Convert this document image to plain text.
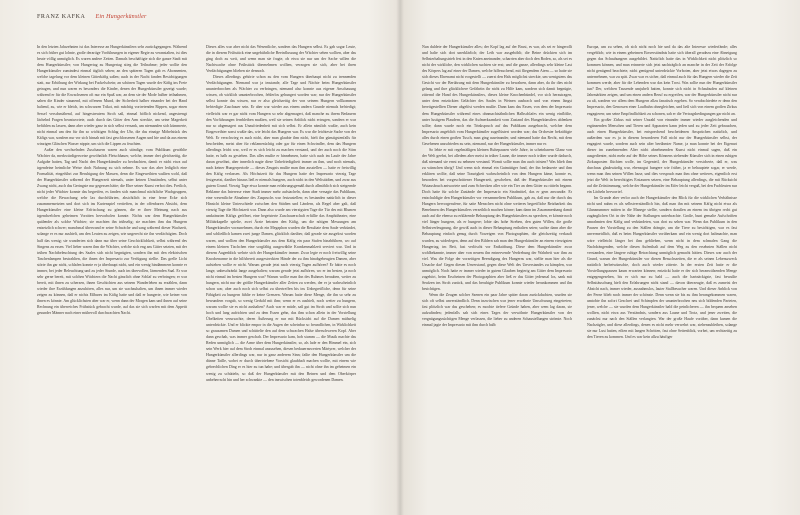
FRANZ KAFKA Ein Hungerkünstler

In den letzten Jahrzehnten ist das Interesse an Hungerkünstlern sehr zurückgegangen. Während es sich früher gut lohnte, große derartige Vorführungen in eigener Regie zu veranstalten, ist dies heute völlig unmöglich. Es waren andere Zeiten. Damals beschäftigte sich die ganze Stadt mit dem Hungerkünstler; von Hungertag zu Hungertag stieg die Teilnahme; jeder wollte den Hungerkünstler zumindest einmal täglich sehen; an den späteren Tagen gab es Abonnenten, welche tagelang vor dem kleinen Gitterkäfig saßen; auch in der Nacht fanden Besichtigungen statt, zur Erhöhung der Wirkung bei Fackelschein; an schönen Tagen wurde der Käfig ins Freie getragen, und nun waren es besonders die Kinder, denen der Hungerkünstler gezeigt wurde; während er für die Erwachsenen oft nur ein Spaß war, an dem sie der Mode halber teilnahmen, sahen die Kinder staunend, mit offenem Mund, der Sicherheit halber einander bei der Hand haltend, zu, wie er bleich, im schwarzen Trikot, mit mächtig vortretenden Rippen, sogar einen Sessel verschmähend, auf hingestreutem Stroh saß, einmal höflich nickend, angestrengt lächelnd Fragen beantwortete, auch durch das Gitter den Arm streckte, um seine Magerkeit befühlen zu lassen, dann aber wieder ganz in sich selbst versank, um niemanden sich kümmerte, nicht einmal um den für ihn so wichtigen Schlag der Uhr, die das einzige Möbelstück des Käfigs war, sondern nur vor sich hinsah mit fast geschlossenen Augen und hie und da aus einem winzigen Gläschen Wasser nippte, um sich die Lippen zu feuchten.

Außer den wechselnden Zuschauern waren auch ständige, vom Publikum gewählte Wächter da, merkwürdigerweise gewöhnlich Fleischhauer, welche, immer drei gleichzeitig, die Aufgabe hatten, Tag und Nacht den Hungerkünstler zu beobachten, damit er nicht etwa auf irgendeine heimliche Weise doch Nahrung zu sich nehme. Es war das aber lediglich eine Formalität, eingeführt zur Beruhigung der Massen, denn die Eingeweihten wußten wohl, daß der Hungerkünstler während der Hungerzeit niemals, unter keinen Umständen, selbst unter Zwang nicht, auch das Geringste nur gegessen hätte; die Ehre seiner Kunst verbot dies. Freilich, nicht jeder Wächter konnte das begreifen, es fanden sich manchmal nächtliche Wachgruppen, welche die Bewachung sehr lax durchführten, absichtlich in eine ferne Ecke sich zusammensetzten und dort sich ins Kartenspiel vertieften, in der offenbaren Absicht, dem Hungerkünstler eine kleine Erfrischung zu gönnen, die er ihrer Meinung nach aus irgendwelchen geheimen Vorräten hervorholen konnte. Nichts war dem Hungerkünstler quälender als solche Wächter; sie machten ihn trübselig; sie machten ihm das Hungern entsetzlich schwer; manchmal überwand er seine Schwäche und sang während dieser Wachzeit, solange er es nur aushielt, um den Leuten zu zeigen, wie ungerecht sie ihn verdächtigten. Doch half das wenig; sie wunderten sich dann nur über seine Geschicklichkeit, selbst während des Singens zu essen. Viel lieber waren ihm die Wächter, welche sich eng ans Gitter setzten, mit der trüben Nachtbeleuchtung des Saales sich nicht begnügten, sondern ihn mit den elektrischen Taschenlampen bestrahlten, die ihnen der Impresario zur Verfügung stellte. Das grelle Licht störte ihn gar nicht, schlafen konnte er ja überhaupt nicht, und ein wenig hindämmern konnte er immer, bei jeder Beleuchtung und zu jeder Stunde, auch im übervollen, lärmenden Saal. Er war sehr gerne bereit, mit solchen Wächtern die Nacht gänzlich ohne Schlaf zu verbringen; er war bereit, mit ihnen zu scherzen, ihnen Geschichten aus seinem Wanderleben zu erzählen, dann wieder ihre Erzählungen anzuhören, alles nur, um sie wachzuhalten, um ihnen immer wieder zeigen zu können, daß er nichts Eßbares im Käfig hatte und daß er hungerte, wie keiner von ihnen es könnte. Am glücklichsten aber war er, wenn dann der Morgen kam und ihnen auf seine Rechnung ein überreiches Frühstück gebracht wurde, auf das sie sich warfen mit dem Appetit gesunder Männer nach einer mühevoll durchwachten Nacht.

Dieses alles war aber nicht das Wesentliche, sondern das Hungern selbst. Es gab sogar Leute, die in diesem Frühstück eine ungebührliche Beeinflussung der Wächter sehen wollten, aber das ging doch zu weit, und wenn man sie fragte, ob etwa sie nur um der Sache willen die Nachtwache ohne Frühstück übernehmen wollten, verzogen sie sich, aber bei ihren Verdächtigungen blieben sie dennoch.

Dieses allerdings gehörte schon zu den vom Hungern überhaupt nicht zu trennenden Verdächtigungen. Niemand war ja imstande, alle Tage und Nächte beim Hungerkünstler ununterbrochen als Wächter zu verbringen, niemand also konnte aus eigener Anschauung wissen, ob wirklich ununterbrochen, fehlerlos gehungert worden war; nur der Hungerkünstler selbst konnte das wissen, nur er also gleichzeitig der von seinem Hungern vollkommen befriedigte Zuschauer sein. Er aber war wieder aus einem andern Grunde niemals befriedigt; vielleicht war er gar nicht vom Hungern so sehr abgemagert, daß manche zu ihrem Bedauern den Vorführungen fernbleiben mußten, weil sie seinen Anblick nicht ertrugen, sondern er war nur so abgemagert aus Unzufriedenheit mit sich selbst. Er allein nämlich wußte, auch kein Eingeweihter sonst wußte das, wie leicht das Hungern war. Es war die leichteste Sache von der Welt. Er verschwieg es auch nicht, aber man glaubte ihm nicht, hielt ihn günstigstenfalls für bescheiden, meist aber für reklamesüchtig oder gar für einen Schwindler, dem das Hungern allerdings leicht war, weil er es sich leicht zu machen verstand, und der auch noch die Stirn hatte, es halb zu gestehen. Das alles mußte er hinnehmen, hatte sich auch im Laufe der Jahre daran gewöhnt, aber innerlich nagte diese Unbefriedigtheit immer an ihm, und noch niemals, nach keiner Hungerperiode — dieses Zeugnis mußte man ihm ausstellen — hatte er freiwillig den Käfig verlassen. Als Höchstzeit für das Hungern hatte der Impresario vierzig Tage festgesetzt, darüber hinaus ließ er niemals hungern, auch nicht in den Weltstädten, und zwar aus gutem Grund. Vierzig Tage etwa konnte man erfahrungsgemäß durch allmählich sich steigernde Reklame das Interesse einer Stadt immer mehr aufstacheln, dann aber versagte das Publikum, eine wesentliche Abnahme des Zuspruchs war festzustellen; es bestanden natürlich in dieser Hinsicht kleine Unterschiede zwischen den Städten und Ländern, als Regel aber galt, daß vierzig Tage die Höchstzeit war. Dann also wurde am vierzigsten Tage die Tür des mit Blumen umkränzten Käfigs geöffnet, eine begeisterte Zuschauerschaft erfüllte das Amphitheater, eine Militärkapelle spielte, zwei Ärzte betraten den Käfig, um die nötigen Messungen am Hungerkünstler vorzunehmen, durch ein Megaphon wurden die Resultate dem Saale verkündet, und schließlich kamen zwei junge Damen, glücklich darüber, daß gerade sie ausgelost worden waren, und wollten den Hungerkünstler aus dem Käfig ein paar Stufen hinabführen, wo auf einem kleinen Tischchen eine sorgfältig ausgewählte Krankenmahlzeit serviert war. Und in diesem Augenblick wehrte sich der Hungerkünstler immer. Zwar legte er noch freiwillig seine Knochenarme in die hilfsbereit ausgestreckten Hände der zu ihm hinabgebeugten Damen, aber aufstehen wollte er nicht. Warum gerade jetzt nach vierzig Tagen aufhören? Er hätte es noch lange, unbeschränkt lange ausgehalten; warum gerade jetzt aufhören, wo er im besten, ja noch nicht einmal im besten Hungern war? Warum wollte man ihn des Ruhmes berauben, weiter zu hungern, nicht nur der größte Hungerkünstler aller Zeiten zu werden, der er ja wahrscheinlich schon war, aber auch noch sich selbst zu übertreffen bis ins Unbegreifliche, denn für seine Fähigkeit zu hungern fühlte er keine Grenzen. Warum hatte diese Menge, die ihn so sehr zu bewundern vorgab, so wenig Geduld mit ihm; wenn er es aushielt, noch weiter zu hungern, warum wollte sie es nicht aushalten? Auch war er müde, saß gut im Stroh und sollte sich nun hoch und lang aufrichten und zu dem Essen gehn, das ihm schon allein in der Vorstellung Übelkeiten verursachte, deren Äußerung er nur mit Rücksicht auf die Damen mühselig unterdrückte. Und er blickte empor in die Augen der scheinbar so freundlichen, in Wirklichkeit so grausamen Damen und schüttelte den auf dem schwachen Halse überschweren Kopf. Aber dann geschah, was immer geschah. Der Impresario kam, hob stumm — die Musik machte das Reden unmöglich — die Arme über dem Hungerkünstler, so, als lade er den Himmel ein, sich sein Werk hier auf dem Stroh einmal anzusehen, diesen bedauernswerten Märtyrer, welcher der Hungerkünstler allerdings war, nur in ganz anderem Sinn; faßte den Hungerkünstler um die dünne Taille, wobei er durch übertriebene Vorsicht glaubhaft machen wollte, mit einem wie gebrechlichen Ding er es hier zu tun habe; und übergab ihn — nicht ohne ihn im geheimen ein wenig zu schütteln, so daß der Hungerkünstler mit den Beinen und dem Oberkörper unbeherrscht hin und her schwankte — den inzwischen totenbleich gewordenen Damen.

Nun duldete der Hungerkünstler alles; der Kopf lag auf der Brust, es war, als sei er hingerollt und halte sich dort unerklärlich; der Leib war ausgehöhlt; die Beine drückten sich im Selbsterhaltungstrieb fest in den Knien aneinander, scharrten aber doch den Boden, so, als sei es nicht der wirkliche, den wirklichen suchten sie erst; und die ganze, allerdings sehr kleine Last des Körpers lag auf einer der Damen, welche hilfesuchend, mit fliegendem Atem — so hatte sie sich dieses Ehrenamt nicht vorgestellt — zuerst den Hals möglichst streckte, um wenigstens das Gesicht vor der Berührung mit dem Hungerkünstler zu bewahren, dann aber, da ihr dies nicht gelang und ihre glücklichere Gefährtin ihr nicht zu Hilfe kam, sondern sich damit begnügte, zitternd die Hand des Hungerkünstlers, dieses kleine Knochenbündel, vor sich herzutragen, unter dem entzückten Gelächter des Saales in Weinen ausbrach und von einem längst bereitgestellten Diener abgelöst werden mußte. Dann kam das Essen, von dem der Impresario dem Hungerkünstler während eines ohnmachtsähnlichen Halbschlafes ein wenig einflößte, unter lustigem Plaudern, das die Aufmerksamkeit vom Zustand des Hungerkünstlers ablenken sollte; dann wurde noch ein Trinkspruch auf das Publikum ausgebracht, welcher dem Impresario angeblich vom Hungerkünstler zugeflüstert worden war; das Orchester bekräftigte alles durch einen großen Tusch, man ging auseinander, und niemand hatte das Recht, mit dem Gesehenen unzufrieden zu sein, niemand, nur der Hungerkünstler, immer nur er.

So lebte er mit regelmäßigen kleinen Ruhepausen viele Jahre, in scheinbarem Glanz von der Welt geehrt, bei alledem aber meist in trüber Laune, die immer noch trüber wurde dadurch, daß niemand sie ernst zu nehmen verstand. Womit sollte man ihn auch trösten? Was blieb ihm zu wünschen übrig? Und wenn sich einmal ein Gutmütiger fand, der ihn bedauerte und ihm erklären wollte, daß seine Traurigkeit wahrscheinlich von dem Hungern käme, konnte es, besonders bei vorgeschrittener Hungerzeit, geschehen, daß der Hungerkünstler mit einem Wutausbruch antwortete und zum Schrecken aller wie ein Tier an dem Gitter zu rütteln begann. Doch hatte für solche Zustände der Impresario ein Strafmittel, das er gern anwandte. Er entschuldigte den Hungerkünstler vor versammeltem Publikum, gab zu, daß nur die durch das Hungern hervorgerufene, für satte Menschen nicht ohne weiteres begreifliche Reizbarkeit das Benehmen des Hungerkünstlers verzeihlich machen könne; kam dann im Zusammenhang damit auch auf die ebenso zu erklärende Behauptung des Hungerkünstlers zu sprechen, er könnte noch viel länger hungern, als er hungere; lobte das hohe Streben, den guten Willen, die große Selbstverleugnung, die gewiß auch in dieser Behauptung enthalten seien; suchte dann aber die Behauptung einfach genug durch Vorzeigen von Photographien, die gleichzeitig verkauft wurden, zu widerlegen, denn auf den Bildern sah man den Hungerkünstler an einem vierzigsten Hungertag, im Bett, fast verlöscht vor Entkräftung. Diese dem Hungerkünstler zwar wohlbekannte, immer aber von neuem ihn entnervende Verdrehung der Wahrheit war ihm zu viel. Was die Folge der vorzeitigen Beendigung des Hungerns war, stellte man hier als die Ursache dar! Gegen diesen Unverstand, gegen diese Welt des Unverstandes zu kämpfen, war unmöglich. Noch hatte er immer wieder in gutem Glauben begierig am Gitter dem Impresario zugehört, beim Erscheinen der Photographien aber ließ er das Gitter jedesmal los, sank mit Seufzen ins Stroh zurück, und das beruhigte Publikum konnte wieder herankommen und ihn besichtigen.

Wenn die Zeugen solcher Szenen ein paar Jahre später daran zurückdachten, wurden sie sich oft selbst unverständlich. Denn inzwischen war jener erwähnte Umschwung eingetreten; fast plötzlich war das geschehen; es mochte tiefere Gründe haben, aber wem lag daran, sie aufzufinden; jedenfalls sah sich eines Tages der verwöhnte Hungerkünstler von der vergnügungssüchtigen Menge verlassen, die lieber zu anderen Schaustellungen strömte. Noch einmal jagte der Impresario mit ihm durch halb

Europa, um zu sehen, ob sich nicht noch hie und da das alte Interesse wiederfände; alles vergeblich; wie in einem geheimen Einverständnis hatte sich überall geradezu eine Abneigung gegen das Schauhungern ausgebildet. Natürlich hatte das in Wirklichkeit nicht plötzlich so kommen können, und man erinnerte sich jetzt nachträglich an manche in der Zeit der Erfolge nicht genügend beachtete, nicht genügend unterdrückte Vorboten, aber jetzt etwas dagegen zu unternehmen, war zu spät. Zwar war es sicher, daß einmal auch für das Hungern wieder die Zeit kommen werde, aber für die Lebenden war das kein Trost. Was sollte nun der Hungerkünstler tun? Der, welchen Tausende umjubelt hatten, konnte sich nicht in Schaubuden auf kleinen Jahrmärkten zeigen, und um einen andern Beruf zu ergreifen, war der Hungerkünstler nicht nur zu alt, sondern vor allem dem Hungern allzu fanatisch ergeben. So verabschiedete er denn den Impresario, den Genossen einer Laufbahn ohnegleichen, und ließ sich von einem großen Zirkus engagieren; um seine Empfindlichkeit zu schonen, sah er die Vertragsbedingungen gar nicht an.

Ein großer Zirkus mit seiner Unzahl von einander immer wieder ausgleichenden und ergänzenden Menschen und Tieren und Apparaten kann jeden und zu jeder Zeit gebrauchen, auch einen Hungerkünstler, bei entsprechend bescheidenen Ansprüchen natürlich, und außerdem war es ja in diesem besonderen Fall nicht nur der Hungerkünstler selbst, der engagiert wurde, sondern auch sein alter berühmter Name, ja man konnte bei der Eigenart dieser im zunehmenden Alter nicht abnehmenden Kunst nicht einmal sagen, daß ein ausgedienter, nicht mehr auf der Höhe seines Könnens stehender Künstler sich in einen ruhigen Zirkusposten flüchten wolle, im Gegenteil, der Hungerkünstler versicherte, daß er, was durchaus glaubwürdig war, ebensogut hungere wie früher, ja er behauptete sogar, er werde, wenn man ihm seinen Willen lasse, und dies versprach man ihm ohne weiteres, eigentlich erst jetzt die Welt in berechtigtes Erstaunen setzen, eine Behauptung allerdings, die mit Rücksicht auf die Zeitstimmung, welche der Hungerkünstler im Eifer leicht vergaß, bei den Fachleuten nur ein Lächeln hervorrief.

Im Grunde aber verlor auch der Hungerkünstler den Blick für die wirklichen Verhältnisse nicht und nahm es als selbstverständlich hin, daß man ihn mit seinem Käfig nicht etwa als Glanznummer mitten in die Manege stellte, sondern draußen an einem im übrigen recht gut zugänglichen Ort in der Nähe der Stallungen unterbrachte. Große, bunt gemalte Aufschriften umrahmten den Käfig und verkündeten, was dort zu sehen war. Wenn das Publikum in den Pausen der Vorstellung zu den Ställen drängte, um die Tiere zu besichtigen, war es fast unvermeidlich, daß es beim Hungerkünstler vorüberkam und ein wenig dort haltmachte, man wäre vielleicht länger bei ihm geblieben, wenn nicht in dem schmalen Gang die Nachdrängenden, welche diesen Aufenthalt auf dem Weg zu den ersehnten Ställen nicht verstanden, eine längere ruhige Betrachtung unmöglich gemacht hätten. Dieses war auch der Grund, warum der Hungerkünstler vor diesen Besuchszeiten, die er als seinen Lebenszweck natürlich herbeiwünschte, doch auch wieder zitterte. In der ersten Zeit hatte er die Vorstellungspausen kaum erwarten können; entzückt hatte er der sich heranwälzenden Menge entgegengesehen, bis er sich nur zu bald — auch die hartnäckigste, fast bewußte Selbsttäuschung hielt den Erfahrungen nicht stand — davon überzeugte, daß es zumeist der Absicht nach, immer wieder, ausnahmslos, lauter Stallbesucher waren. Und dieser Anblick von der Ferne blieb noch immer der schönste. Denn wenn sie bis zu ihm herangekommen waren, umtobte ihn sofort Geschrei und Schimpfen der ununterbrochen neu sich bildenden Parteien, jener, welche — sie wurden dem Hungerkünstler bald die peinlicheren — ihn bequem ansehen wollten, nicht etwa aus Verständnis, sondern aus Laune und Trotz, und jener zweiten, die zunächst nur nach den Ställen verlangten. War der große Haufe vorüber, dann kamen die Nachzügler, und diese allerdings, denen es nicht mehr verwehrt war, stehenzubleiben, solange sie nur Lust hatten, eilten mit langen Schritten, fast ohne Seitenblick, vorbei, um rechtzeitig zu den Tieren zu kommen. Und es war kein allzu häufiger
